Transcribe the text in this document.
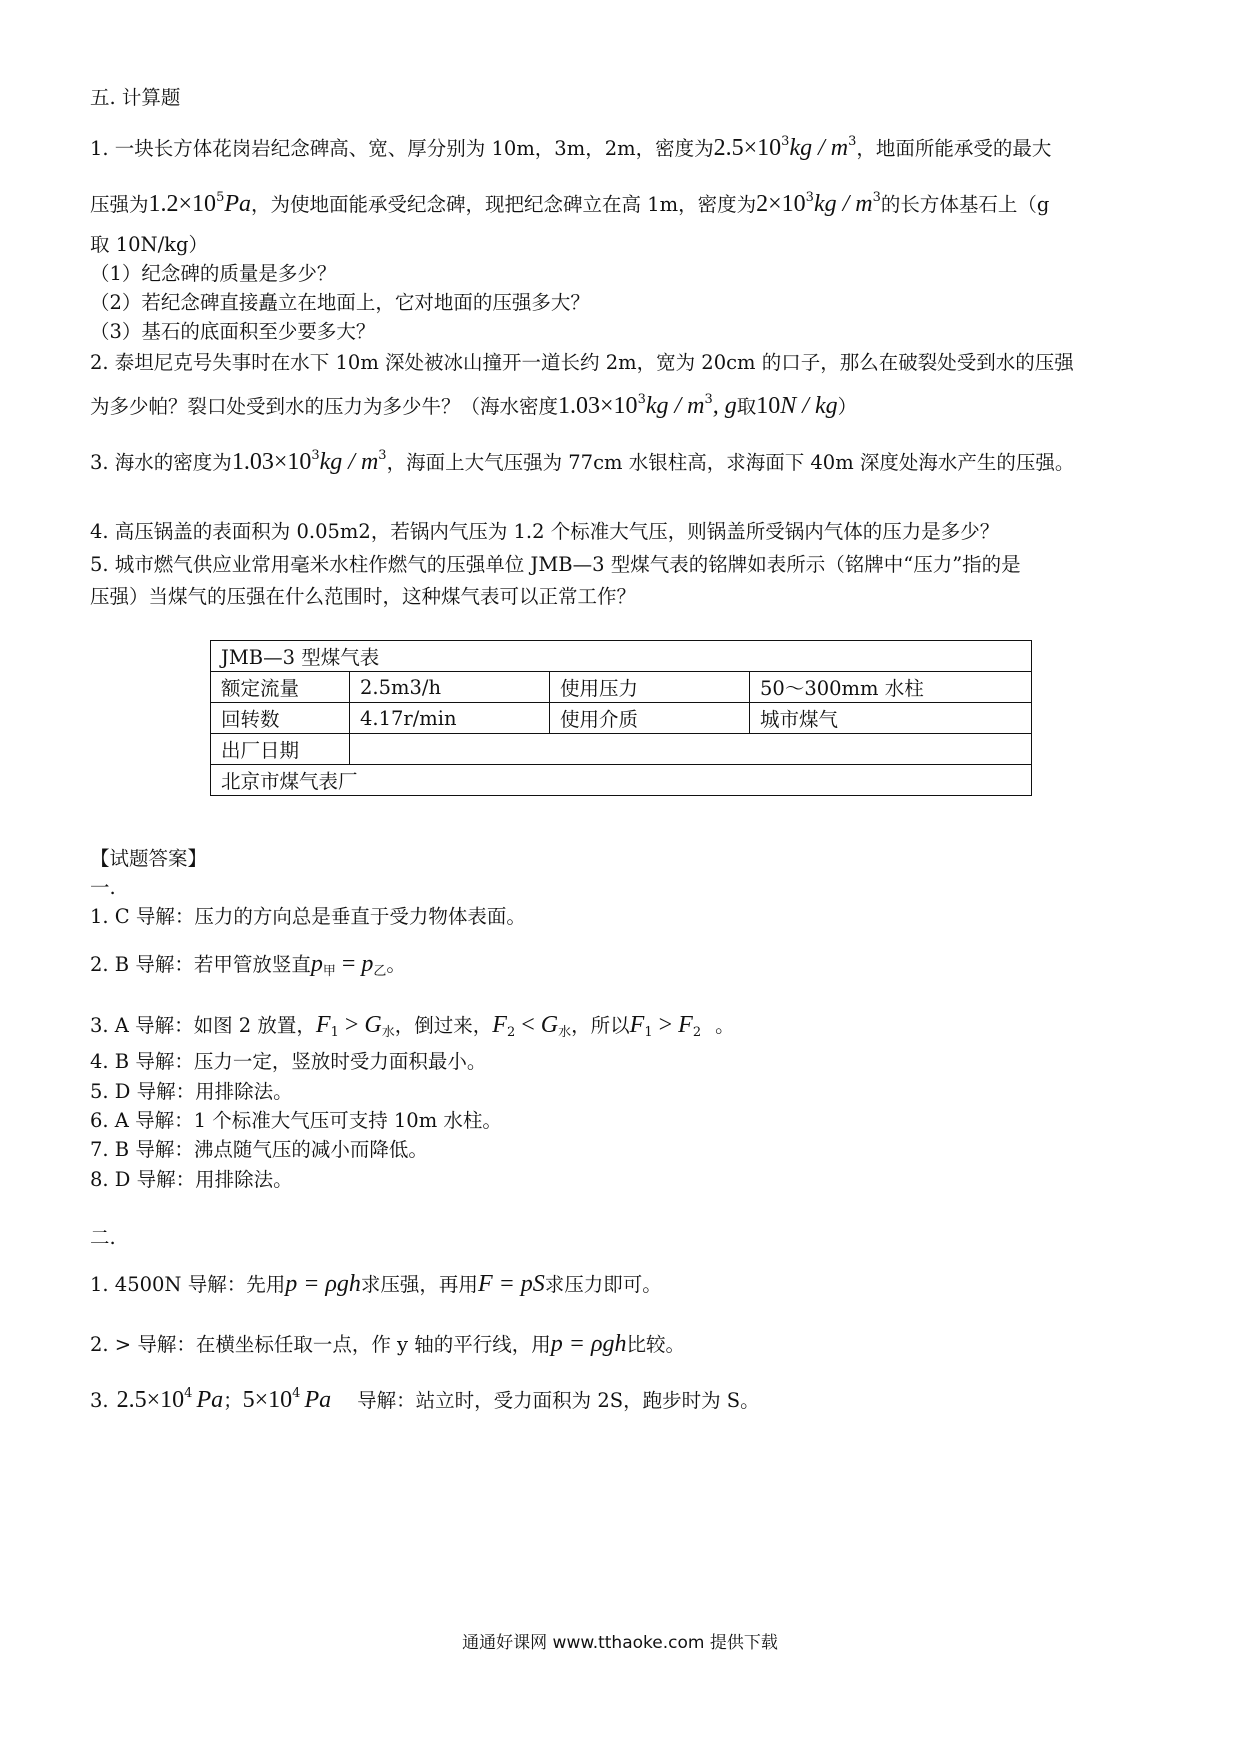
五. 计算题
1. 一块长方体花岗岩纪念碑高、宽、厚分别为 10m，3m，2m，密度为$2.5\times 10^3kg / m^3$，地面所能承受的最大
压强为$1.2\times 10^5Pa$，为使地面能承受纪念碑，现把纪念碑立在高 1m，密度为$2\times 10^3kg / m^3$的长方体基石上（g
取 10N/kg）
（1）纪念碑的质量是多少？
（2）若纪念碑直接矗立在地面上，它对地面的压强多大？
（3）基石的底面积至少要多大？
2. 泰坦尼克号失事时在水下 10m 深处被冰山撞开一道长约 2m，宽为 20cm 的口子，那么在破裂处受到水的压强
为多少帕？裂口处受到水的压力为多少牛？（海水密度$1.03\times 10^3kg / m^3$, g取10N / kg）
3. 海水的密度为$1.03\times 10^3kg / m^3$，海面上大气压强为 77cm 水银柱高，求海面下 40m 深度处海水产生的压强。
4. 高压锅盖的表面积为 0.05m2，若锅内气压为 1.2 个标准大气压，则锅盖所受锅内气体的压力是多少？
5. 城市燃气供应业常用毫米水柱作燃气的压强单位 JMB—3 型煤气表的铭牌如表所示（铭牌中“压力”指的是
压强）当煤气的压强在什么范围时，这种煤气表可以正常工作？
JMB—3 型煤气表			
额定流量	2.5m3/h	使用压力	50～300mm 水柱
回转数	4.17r/min	使用介质	城市煤气
出厂日期			
北京市煤气表厂			
【试题答案】
一.
1. C 导解：压力的方向总是垂直于受力物体表面。
2. B 导解：若甲管放竖直$p_甲 = p_乙$。
3. A 导解：如图 2 放置，$F_1 > G_水$，倒过来，$F_2 < G_水$，所以$F_1 > F_2$ 。
4. B 导解：压力一定，竖放时受力面积最小。
5. D 导解：用排除法。
6. A 导解：1 个标准大气压可支持 10m 水柱。
7. B 导解：沸点随气压的减小而降低。
8. D 导解：用排除法。
二.
1. 4500N 导解：先用p = ρgh求压强，再用F = pS求压力即可。
2. > 导解：在横坐标任取一点，作 y 轴的平行线，用p = ρgh比较。
3. $2.5\times 10^4$ Pa；$5\times 10^4$ Pa 导解：站立时，受力面积为 2S，跑步时为 S。
通通好课网 www.tthaoke.com 提供下载
